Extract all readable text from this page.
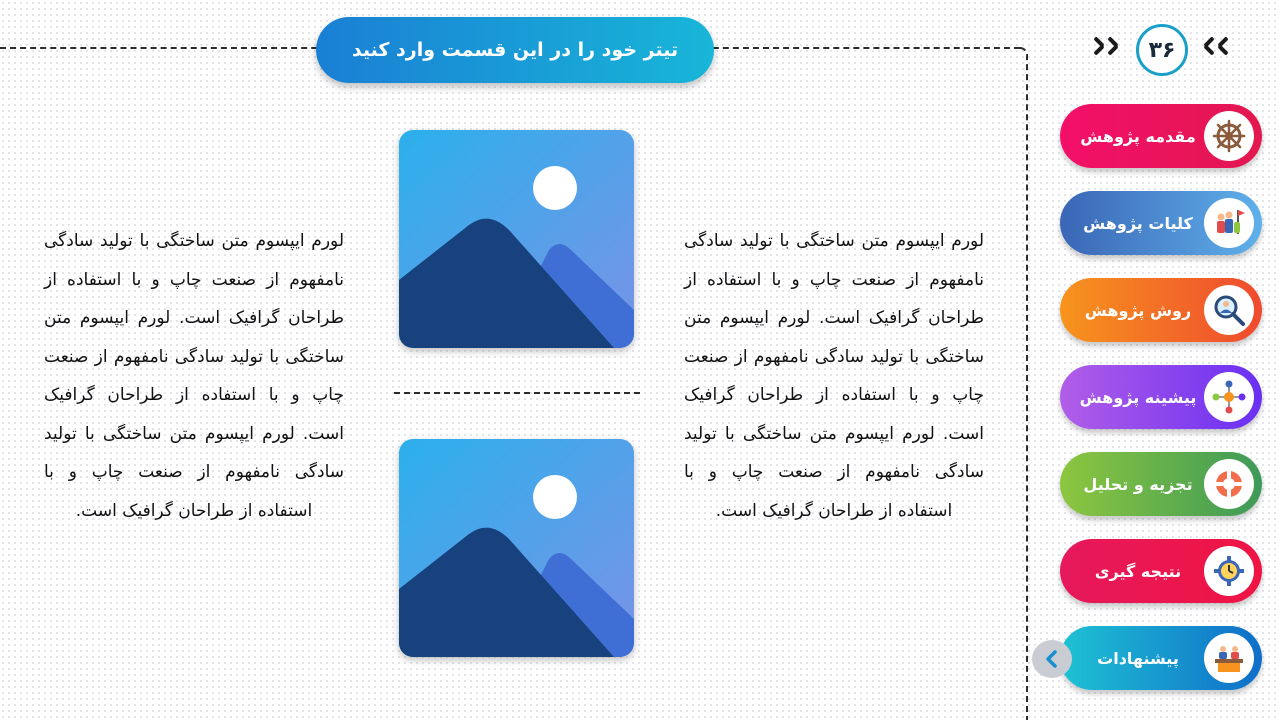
تیتر خود را در این قسمت وارد کنید	۳۶
مقدمه پژوهش
کلیات پژوهش
روش پژوهش
پیشینه پژوهش
تجزیه و تحلیل
نتیجه گیری
پیشنهادات
لورم ایپسوم متن ساختگی با تولید سادگی نامفهوم از صنعت چاپ و با استفاده از طراحان گرافیک است. لورم ایپسوم متن ساختگی با تولید سادگی نامفهوم از صنعت چاپ و با استفاده از طراحان گرافیک است. لورم ایپسوم متن ساختگی با تولید سادگی نامفهوم از صنعت چاپ و با استفاده از طراحان گرافیک است.
لورم ایپسوم متن ساختگی با تولید سادگی نامفهوم از صنعت چاپ و با استفاده از طراحان گرافیک است. لورم ایپسوم متن ساختگی با تولید سادگی نامفهوم از صنعت چاپ و با استفاده از طراحان گرافیک است. لورم ایپسوم متن ساختگی با تولید سادگی نامفهوم از صنعت چاپ و با استفاده از طراحان گرافیک است.
